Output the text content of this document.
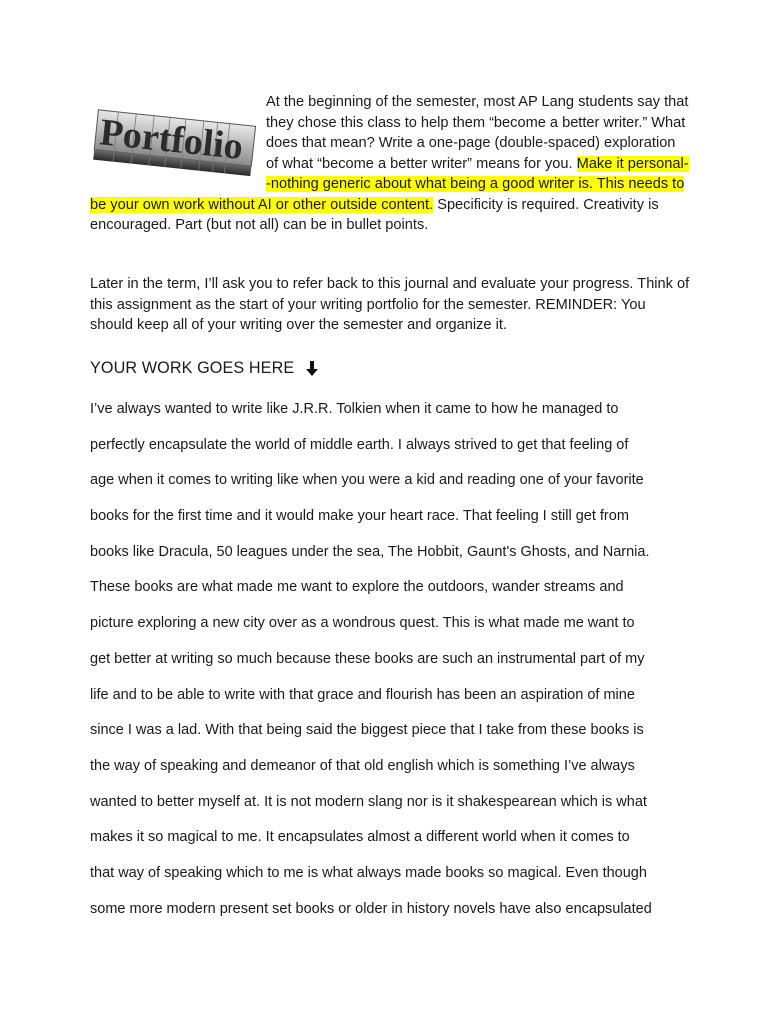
Portfolio
At the beginning of the semester, most AP Lang students say that they chose this class to help them “become a better writer.” What does that mean? Write a one-page (double-spaced) exploration of what “become a better writer” means for you. Make it personal--nothing generic about what being a good writer is. This needs to be your own work without AI or other outside content. Specificity is required. Creativity is encouraged. Part (but not all) can be in bullet points.
Later in the term, I’ll ask you to refer back to this journal and evaluate your progress. Think of this assignment as the start of your writing portfolio for the semester. REMINDER: You should keep all of your writing over the semester and organize it.
YOUR WORK GOES HERE
I’ve always wanted to write like J.R.R. Tolkien when it came to how he managed to
perfectly encapsulate the world of middle earth. I always strived to get that feeling of
age when it comes to writing like when you were a kid and reading one of your favorite
books for the first time and it would make your heart race. That feeling I still get from
books like Dracula, 50 leagues under the sea, The Hobbit, Gaunt's Ghosts, and Narnia.
These books are what made me want to explore the outdoors, wander streams and
picture exploring a new city over as a wondrous quest. This is what made me want to
get better at writing so much because these books are such an instrumental part of my
life and to be able to write with that grace and flourish has been an aspiration of mine
since I was a lad. With that being said the biggest piece that I take from these books is
the way of speaking and demeanor of that old english which is something I’ve always
wanted to better myself at. It is not modern slang nor is it shakespearean which is what
makes it so magical to me. It encapsulates almost a different world when it comes to
that way of speaking which to me is what always made books so magical. Even though
some more modern present set books or older in history novels have also encapsulated
